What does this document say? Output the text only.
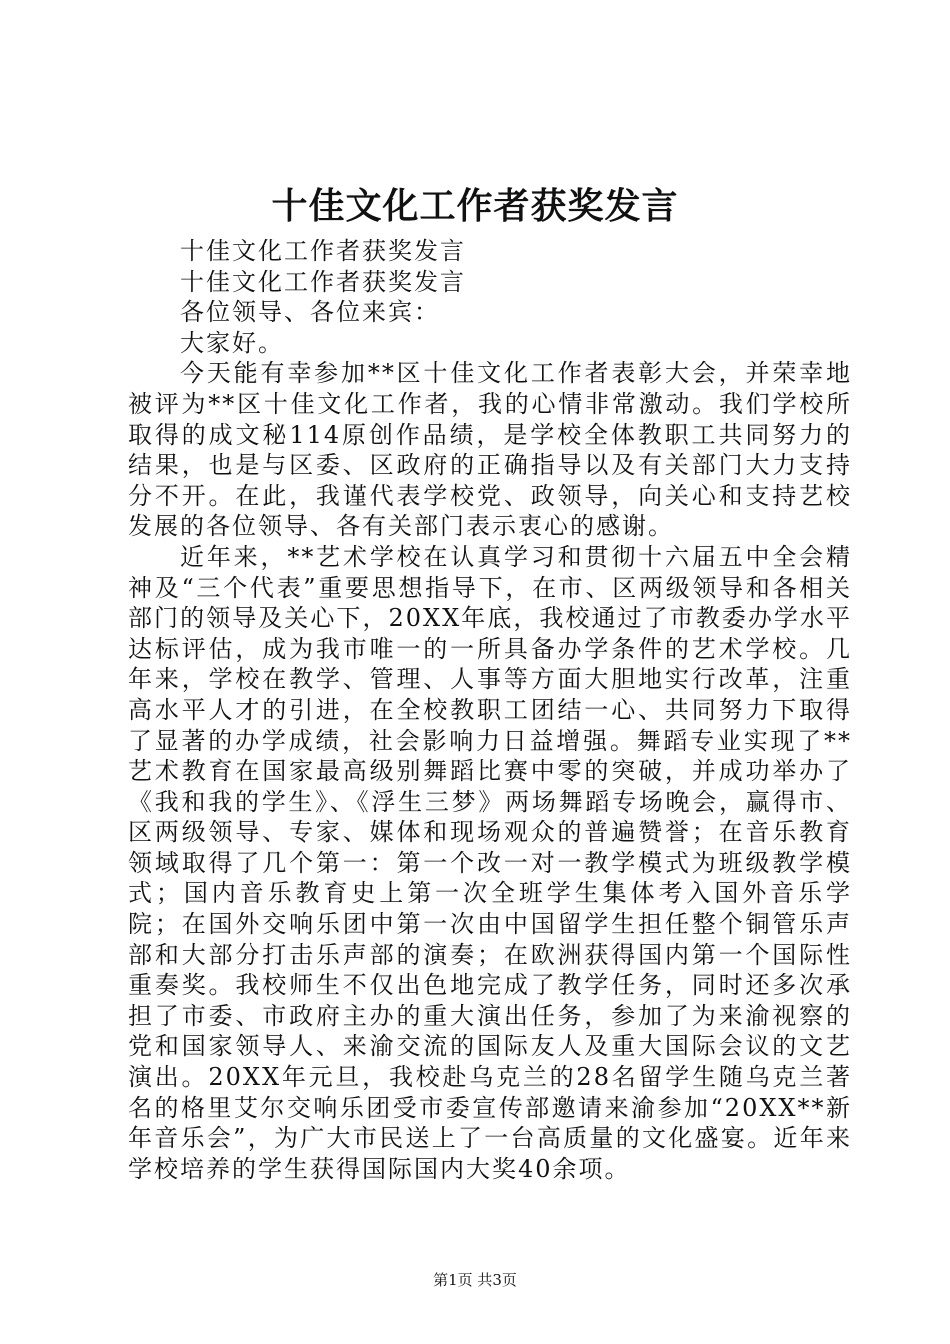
十佳文化工作者获奖发言

十佳文化工作者获奖发言

十佳文化工作者获奖发言

各位领导、各位来宾：

大家好。

今天能有幸参加**区十佳文化工作者表彰大会，并荣幸地被评为**区十佳文化工作者，我的心情非常激动。我们学校所取得的成文秘114原创作品绩，是学校全体教职工共同努力的结果，也是与区委、区政府的正确指导以及有关部门大力支持分不开。在此，我谨代表学校党、政领导，向关心和支持艺校发展的各位领导、各有关部门表示衷心的感谢。

近年来，**艺术学校在认真学习和贯彻十六届五中全会精神及“三个代表”重要思想指导下，在市、区两级领导和各相关部门的领导及关心下，20XX年底，我校通过了市教委办学水平达标评估，成为我市唯一的一所具备办学条件的艺术学校。几年来，学校在教学、管理、人事等方面大胆地实行改革，注重高水平人才的引进，在全校教职工团结一心、共同努力下取得了显著的办学成绩，社会影响力日益增强。舞蹈专业实现了**艺术教育在国家最高级别舞蹈比赛中零的突破，并成功举办了《我和我的学生》、《浮生三梦》两场舞蹈专场晚会，赢得市、区两级领导、专家、媒体和现场观众的普遍赞誉；在音乐教育领域取得了几个第一：第一个改一对一教学模式为班级教学模式；国内音乐教育史上第一次全班学生集体考入国外音乐学院；在国外交响乐团中第一次由中国留学生担任整个铜管乐声部和大部分打击乐声部的演奏；在欧洲获得国内第一个国际性重奏奖。我校师生不仅出色地完成了教学任务，同时还多次承担了市委、市政府主办的重大演出任务，参加了为来渝视察的党和国家领导人、来渝交流的国际友人及重大国际会议的文艺演出。20XX年元旦，我校赴乌克兰的28名留学生随乌克兰著名的格里艾尔交响乐团受市委宣传部邀请来渝参加“20XX**新年音乐会”，为广大市民送上了一台高质量的文化盛宴。近年来学校培养的学生获得国际国内大奖40余项。

第1页 共3页
